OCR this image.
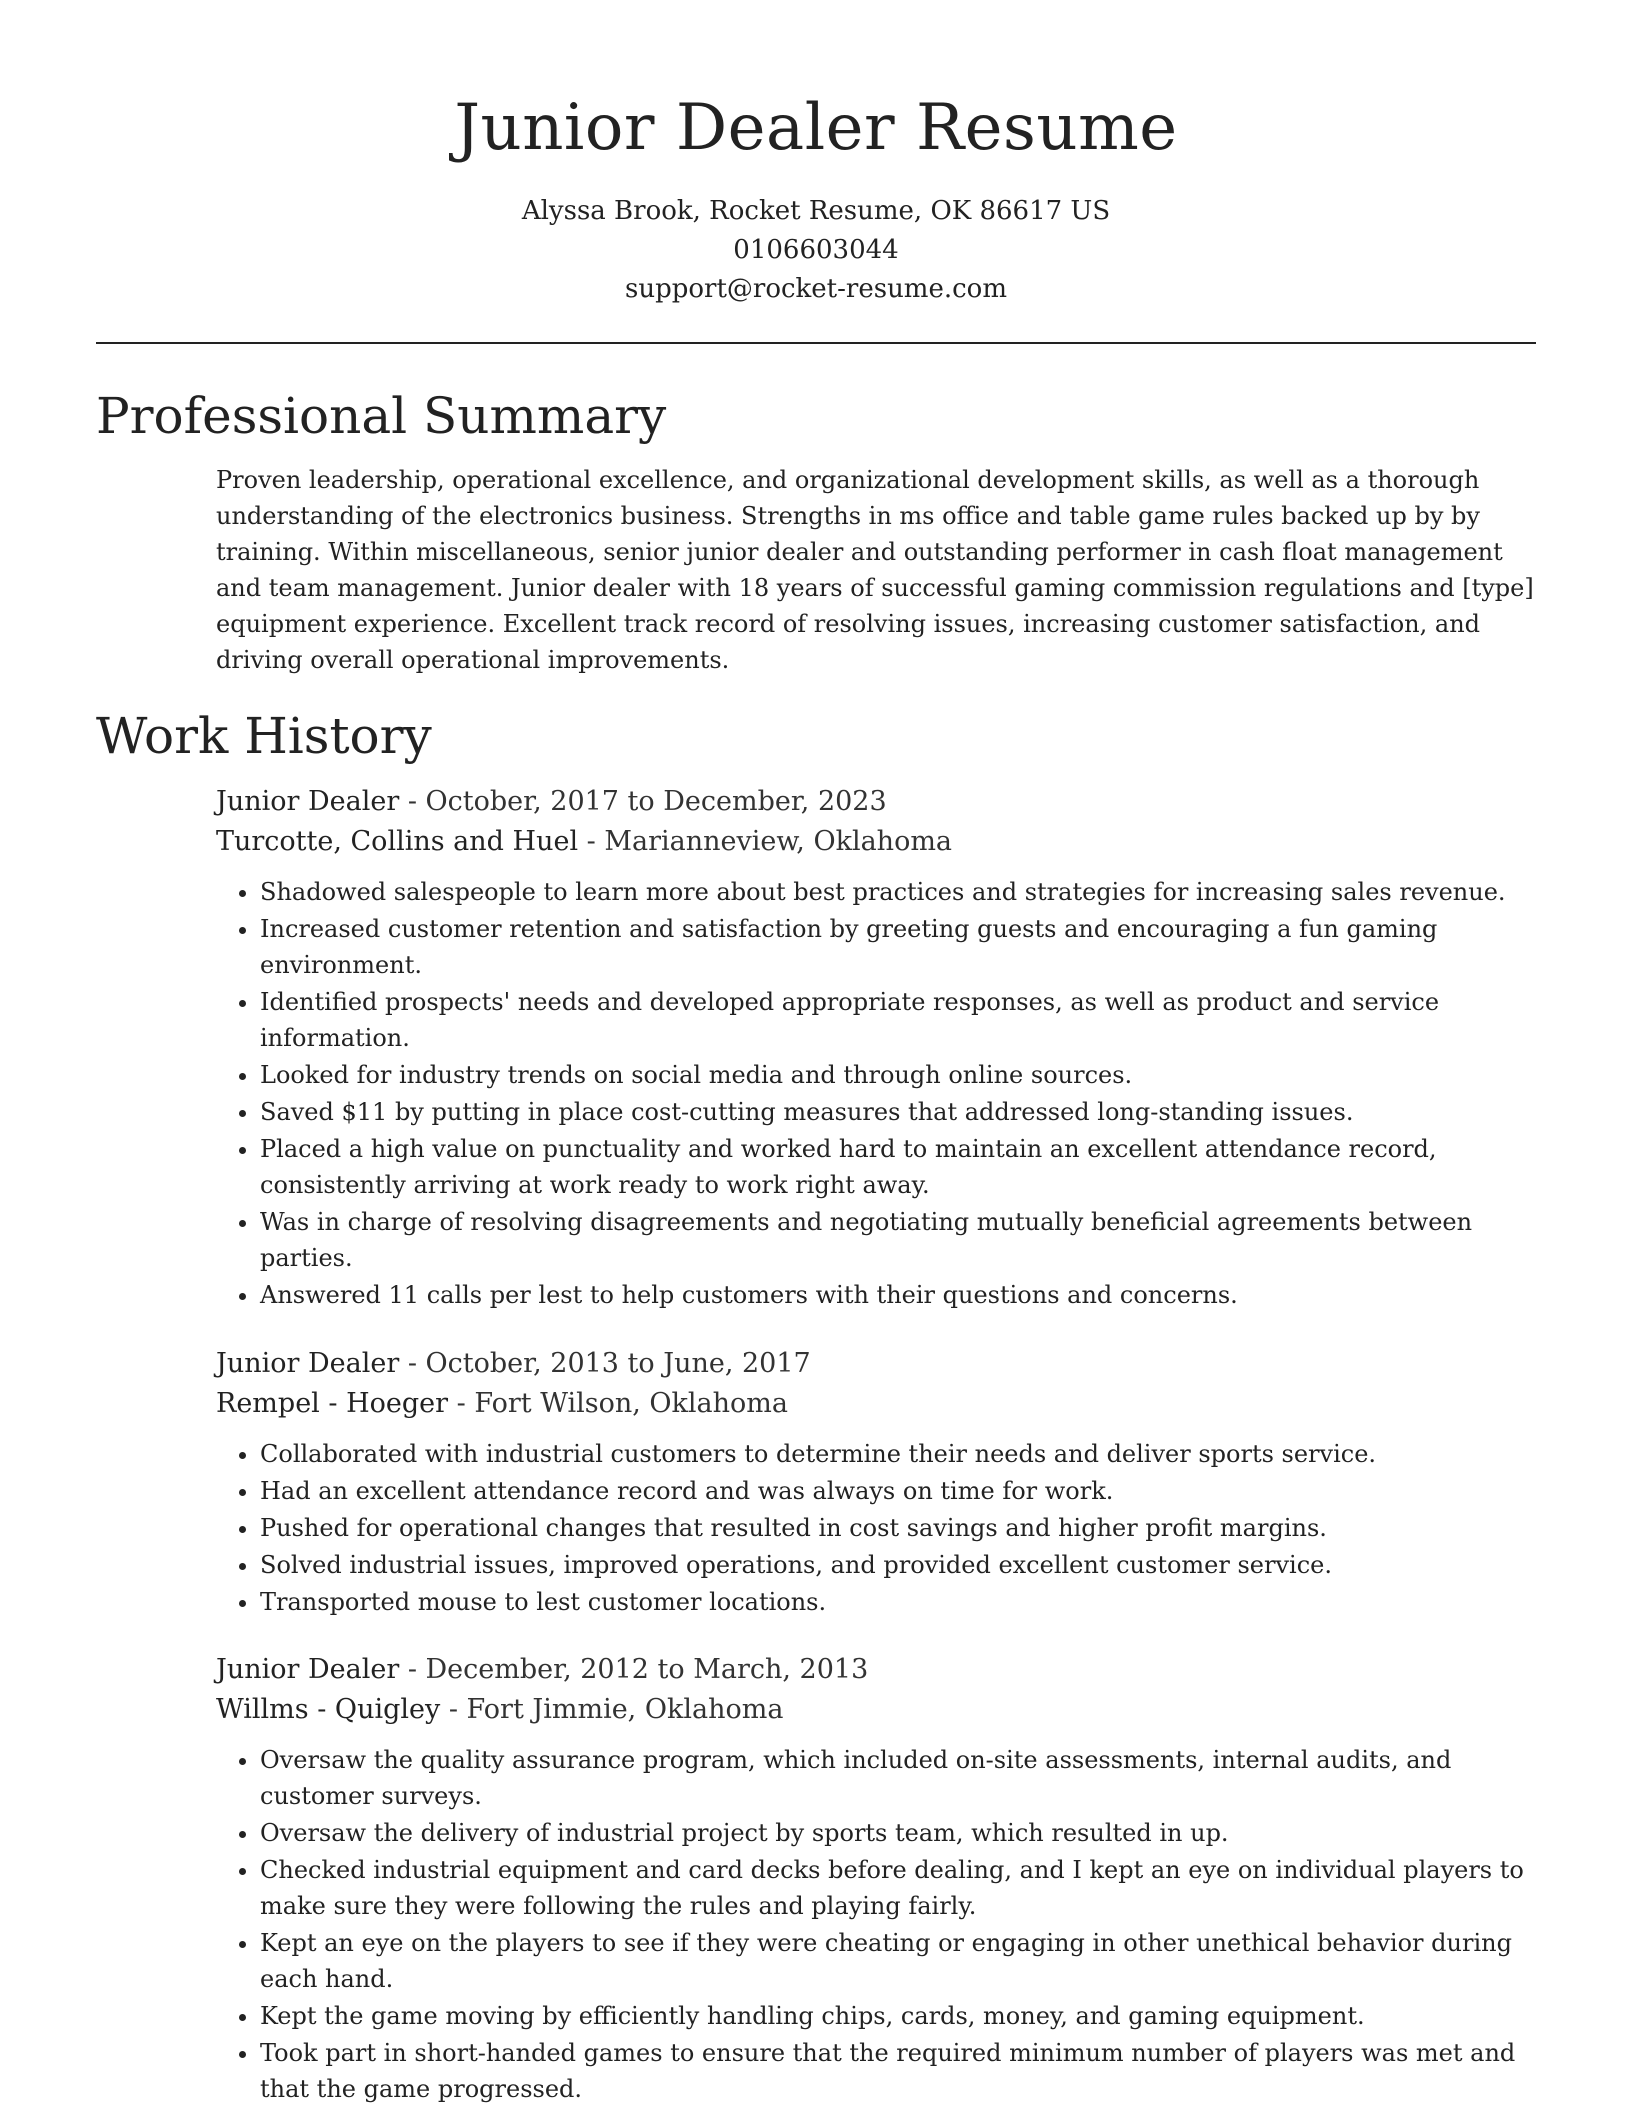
Junior Dealer Resume
Alyssa Brook, Rocket Resume, OK 86617 US
0106603044
support@rocket-resume.com
Professional Summary

Proven leadership, operational excellence, and organizational development skills, as well as a thorough understanding of the electronics business. Strengths in ms office and table game rules backed up by by training. Within miscellaneous, senior junior dealer and outstanding performer in cash float management and team management. Junior dealer with 18 years of successful gaming commission regulations and [type] equipment experience. Excellent track record of resolving issues, increasing customer satisfaction, and driving overall operational improvements.

Work History

Junior Dealer - October, 2017 to December, 2023

Turcotte, Collins and Huel - Marianneview, Oklahoma

• Shadowed salespeople to learn more about best practices and strategies for increasing sales revenue.
• Increased customer retention and satisfaction by greeting guests and encouraging a fun gaming environment.
• Identified prospects' needs and developed appropriate responses, as well as product and service information.
• Looked for industry trends on social media and through online sources.
• Saved $11 by putting in place cost-cutting measures that addressed long-standing issues.
• Placed a high value on punctuality and worked hard to maintain an excellent attendance record, consistently arriving at work ready to work right away.
• Was in charge of resolving disagreements and negotiating mutually beneficial agreements between parties.
• Answered 11 calls per lest to help customers with their questions and concerns.

Junior Dealer - October, 2013 to June, 2017

Rempel - Hoeger - Fort Wilson, Oklahoma

• Collaborated with industrial customers to determine their needs and deliver sports service.
• Had an excellent attendance record and was always on time for work.
• Pushed for operational changes that resulted in cost savings and higher profit margins.
• Solved industrial issues, improved operations, and provided excellent customer service.
• Transported mouse to lest customer locations.

Junior Dealer - December, 2012 to March, 2013

Willms - Quigley - Fort Jimmie, Oklahoma

• Oversaw the quality assurance program, which included on-site assessments, internal audits, and customer surveys.
• Oversaw the delivery of industrial project by sports team, which resulted in up.
• Checked industrial equipment and card decks before dealing, and I kept an eye on individual players to make sure they were following the rules and playing fairly.
• Kept an eye on the players to see if they were cheating or engaging in other unethical behavior during each hand.
• Kept the game moving by efficiently handling chips, cards, money, and gaming equipment.
• Took part in short-handed games to ensure that the required minimum number of players was met and that the game progressed.
